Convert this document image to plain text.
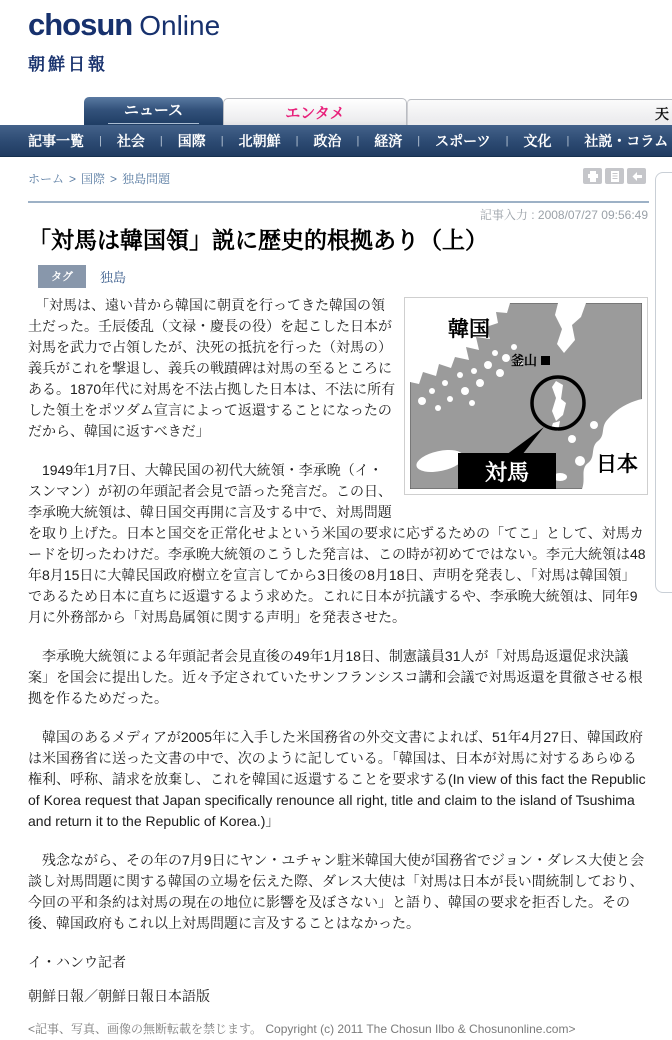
chosun Online
朝鮮日報
ニュース	エンタメ	天
記事一覧 | 社会 | 国際 | 北朝鮮 | 政治 | 経済 | スポーツ | 文化 | 社説・コラム
ホーム > 国際 > 独島問題
記事入力 : 2008/07/27 09:56:49
「対馬は韓国領」説に歴史的根拠あり（上）
タグ	独島
韓国
釜山
対馬	日本

　「対馬は、遠い昔から韓国に朝貢を行ってきた韓国の領土だった。壬辰倭乱（文禄・慶長の役）を起こした日本が対馬を武力で占領したが、決死の抵抗を行った（対馬の）義兵がこれを撃退し、義兵の戦蹟碑は対馬の至るところにある。1870年代に対馬を不法占拠した日本は、不法に所有した領土をポツダム宣言によって返還することになったのだから、韓国に返すべきだ」

　1949年1月7日、大韓民国の初代大統領・李承晩（イ・スンマン）が初の年頭記者会見で語った発言だ。この日、李承晩大統領は、韓日国交再開に言及する中で、対馬問題を取り上げた。日本と国交を正常化せよという米国の要求に応ずるための「てこ」として、対馬カードを切ったわけだ。李承晩大統領のこうした発言は、この時が初めてではない。李元大統領は48年8月15日に大韓民国政府樹立を宣言してから3日後の8月18日、声明を発表し、「対馬は韓国領」であるため日本に直ちに返還するよう求めた。これに日本が抗議するや、李承晩大統領は、同年9月に外務部から「対馬島属領に関する声明」を発表させた。

　李承晩大統領による年頭記者会見直後の49年1月18日、制憲議員31人が「対馬島返還促求決議案」を国会に提出した。近々予定されていたサンフランシスコ講和会議で対馬返還を貫徹させる根拠を作るためだった。

　韓国のあるメディアが2005年に入手した米国務省の外交文書によれば、51年4月27日、韓国政府は米国務省に送った文書の中で、次のように記している。「韓国は、日本が対馬に対するあらゆる権利、呼称、請求を放棄し、これを韓国に返還することを要求する(In view of this fact the Republic of Korea request that Japan specifically renounce all right, title and claim to the island of Tsushima and return it to the Republic of Korea.)」

　残念ながら、その年の7月9日にヤン・ユチャン駐米韓国大使が国務省でジョン・ダレス大使と会談し対馬問題に関する韓国の立場を伝えた際、ダレス大使は「対馬は日本が長い間統制しており、今回の平和条約は対馬の現在の地位に影響を及ぼさない」と語り、韓国の要求を拒否した。その後、韓国政府もこれ以上対馬問題に言及することはなかった。

イ・ハンウ記者
朝鮮日報／朝鮮日報日本語版
<記事、写真、画像の無断転載を禁じます。 Copyright (c) 2011 The Chosun Ilbo & Chosunonline.com>
